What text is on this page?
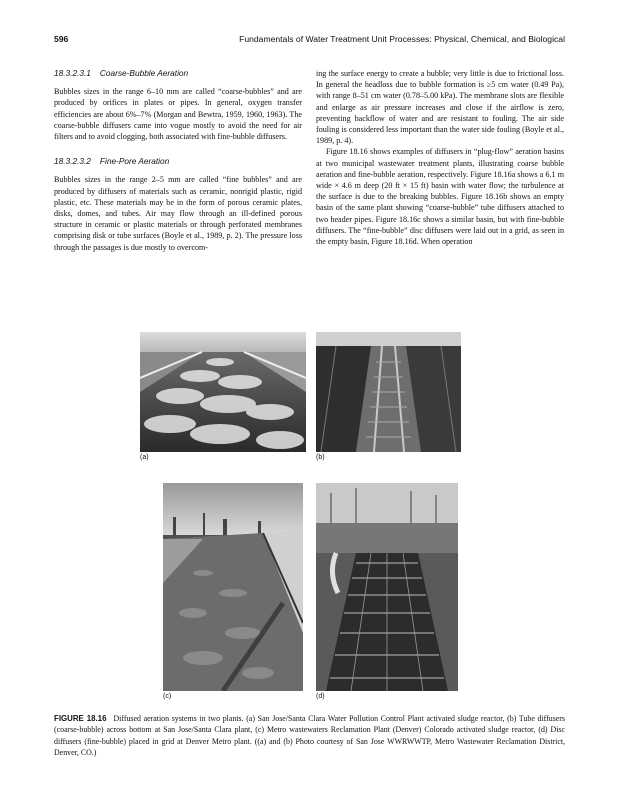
596	Fundamentals of Water Treatment Unit Processes: Physical, Chemical, and Biological
18.3.2.3.1 Coarse-Bubble Aeration

Bubbles sizes in the range 6–10 mm are called “coarse-bubbles” and are produced by orifices in plates or pipes. In general, oxygen transfer efficiencies are about 6%–7% (Morgan and Bewtra, 1959, 1960, 1963). The coarse-bubble diffusers came into vogue mostly to avoid the need for air filters and to avoid clogging, both associated with fine-bubble diffusers.

18.3.2.3.2 Fine-Pore Aeration

Bubbles sizes in the range 2–5 mm are called “fine bubbles” and are produced by diffusers of materials such as ceramic, nonrigid plastic, rigid plastic, etc. These materials may be in the form of porous ceramic plates, disks, domes, and tubes. Air may flow through an ill-defined porous structure in ceramic or plastic materials or through perforated membranes comprising disk or tube surfaces (Boyle et al., 1989, p. 2). The pressure loss through the passages is due mostly to overcom-

ing the surface energy to create a bubble; very little is due to frictional loss. In general the headloss due to bubble formation is ≥5 cm water (0.49 Pa), with range 8–51 cm water (0.78–5.00 kPa). The membrane slots are flexible and enlarge as air pressure increases and close if the airflow is zero, preventing backflow of water and are resistant to fouling. The air side fouling is considered less important than the water side fouling (Boyle et al., 1989, p. 4).

Figure 18.16 shows examples of diffusers in “plug-flow” aeration basins at two municipal wastewater treatment plants, illustrating coarse bubble aeration and fine-bubble aeration, respectively. Figure 18.16a shows a 6.1 m wide × 4.6 m deep (20 ft × 15 ft) basin with water flow; the turbulence at the surface is due to the breaking bubbles. Figure 18.16b shows an empty basin of the same plant showing “coarse-bubble” tube diffusers attached to two header pipes. Figure 18.16c shows a similar basin, but with fine-bubble diffusers. The “fine-bubble” disc diffusers were laid out in a grid, as seen in the empty basin, Figure 18.16d. When operation

(a)	(b)
(c)	(d)
FIGURE 18.16 Diffused aeration systems in two plants. (a) San Jose/Santa Clara Water Pollution Control Plant activated sludge reactor, (b) Tube diffusers (coarse-bubble) across bottom at San Jose/Santa Clara plant, (c) Metro wastewaters Reclamation Plant (Denver) Colorado activated sludge reactor, (d) Disc diffusers (fine-bubble) placed in grid at Denver Metro plant. ((a) and (b) Photo courtesy of San Jose WWRWWTP, Metro Wastewater Reclamation District, Denver, CO.)
